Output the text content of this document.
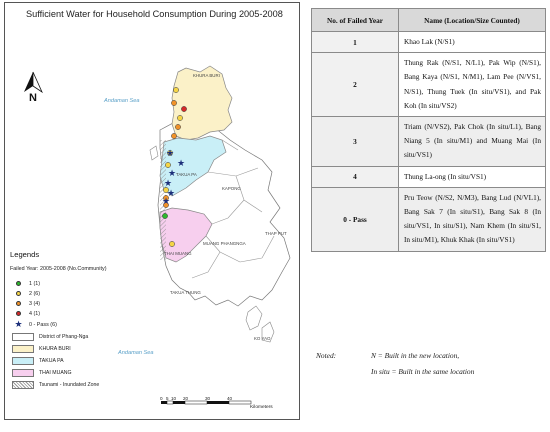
★
★
★
★
★
★
Sufficient Water for Household Consumption During 2005-2008
N	Andaman Sea
Andaman Sea
KHURA BURI
TAKUA PA
KAPONG
THAP PUT
MUANG PHANGNGA
THAI MUANG
TAKUA THUNG
KO YAO
Legends
Failed Year: 2005-2008 (No.Community)
1 (1)
2 (6)
3 (4)
4 (1)
★ 0 - Pass (6)
District of Phang-Nga
KHURA BURI
TAKUA PA
THAI MUANG
Tsunami - Inundated Zone
0 5 10 20	30	40
Kilometers
No. of Failed Year	Name (Location/Size Counted)
1	Khao Lak (N/S1)
2	Thung Rak (N/S1, N/L1), Pak Wip (N/S1), Bang Kaya (N/S1, N/M1), Lam Pee (N/VS1, N/S1), Thung Tuek (In situ/VS1), and Pak Koh (In situ/VS2)
3	Triam (N/VS2), Pak Chok (In situ/L1), Bang Niang 5 (In situ/M1) and Muang Mai (In situ/VS1)
4	Thung La-ong (In situ/VS1)
0 - Pass	Pru Teow (N/S2, N/M3), Bang Lud (N/VL1), Bang Sak 7 (In situ/S1), Bang Sak 8 (In situ/VS1, In situ/S1), Nam Khem (In situ/S1, In situ/M1), Khuk Khak (In situ/VS1)
Noted:	N = Built in the new location,
In situ = Built in the same location
